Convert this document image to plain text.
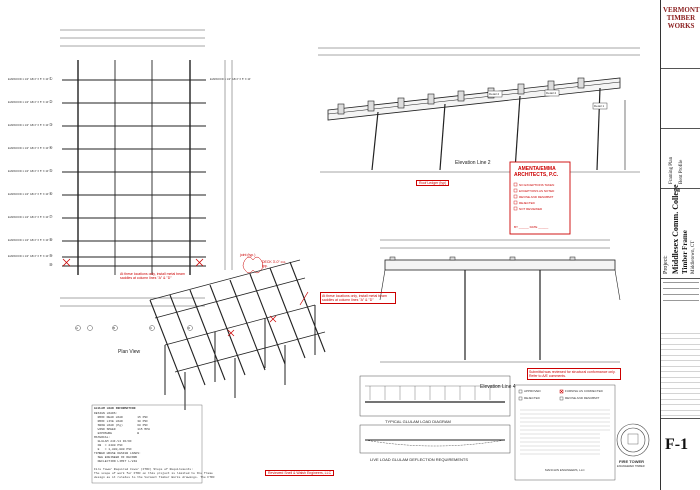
Plan View
ELMWOOD 1 1/2" GB 4" X 5" X 10'
ELMWOOD 1 1/2" GB 4" X 5" X 10'
ELMWOOD 1 1/2" GB 4" X 5" X 10'
ELMWOOD 1 1/2" GB 4" X 5" X 10'
ELMWOOD 1 1/2" GB 4" X 5" X 10'
ELMWOOD 1 1/2" GB 4" X 5" X 10'
ELMWOOD 1 1/2" GB 4" X 5" X 10'
ELMWOOD 1 1/2" GB 4" X 5" X 10'
ELMWOOD 1 1/2" GB 4" X 5" X 10'
ELMWOOD 1 1/2" GB 4" X 5" X 10'
①
②
③
④
⑤
⑥
⑦
⑧
⑨
⑩
A	B	C	D
At these locations only, install metal beam saddles at column lines "A" & "D"
joint (typ.)
DECK 3'-0" o.c. typ.
Elevation Line 2
Detail 2	Detail 2
Detail 1
Roof Ledger (typ)
Elevation Line 4
Submittal was reviewed for structural conformance only. Refer to A/E comments.
AMENTA/EMMA
ARCHITECTS, P.C.
NO EXCEPTIONS TAKEN
EXCEPTIONS AS NOTED
REVISE AND RESUBMIT
REJECTED
NOT REVIEWED
BY ______ DATE ______
At these locations only, install metal beam saddles at column lines "A" & "D"
Reviewed Snell & Walsh Engineers, LLC
GLULAM LOAD INFORMATION
DESIGN LOADS:
ROOF DEAD LOAD        15 PSF
ROOF LIVE LOAD        30 PSF
SNOW LOAD (Pg)        60 PSF
WIND SPEED            115 MPH
EXPOSURE              B
MATERIAL:
GLULAM 24F-V4 DF/DF
FB  = 2400 PSI
E   = 1,800,000 PSI
TIMBER HOUSE DESIGN LOADS:
SEE ENGINEER OF RECORD
DEFLECTION LIMIT L/240
Fire Tower Required Cover (FTRC) Steps of Requirements:
The scope of work for FTRC on this project is limited to the frame
design as it relates to the Vermont Timber Works drawings. The FTRC
TYPICAL GLULAM LOAD DIAGRAM
LIVE LOAD GLULAM DEFLECTION REQUIREMENTS
MANCHIN ENGINEERS, LLC
APPROVED
REJECTED
FURNISH AS CORRECTED
REVISE AND RESUBMIT
FIRE TOWER
ENGINEERED TIMBER
VERMONT
TIMBER
WORKS
Framing Plan Bent Profile
Project: Middlesex Comm. College Timber Frame Middletown, CT
F-1
